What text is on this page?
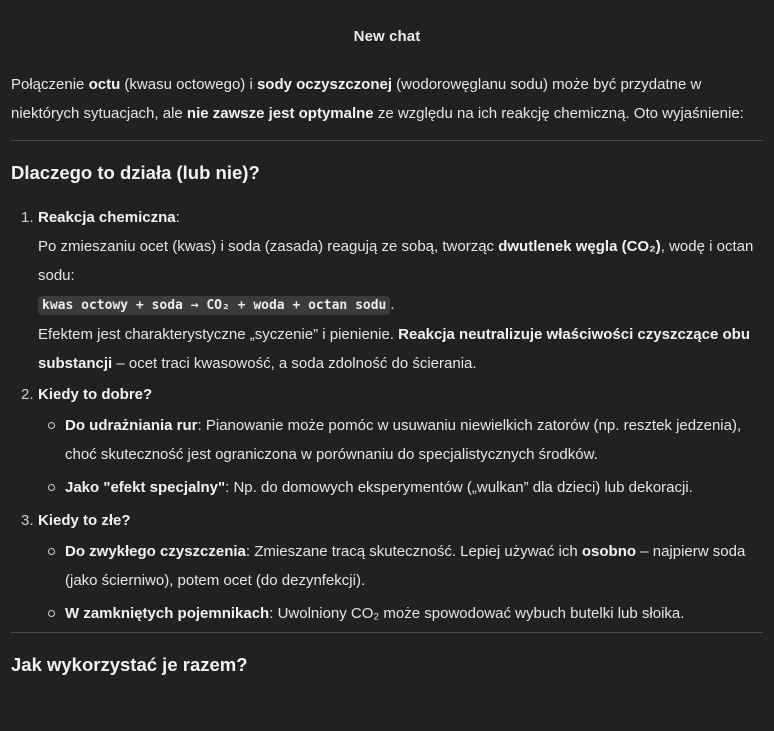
New chat

Połączenie octu (kwasu octowego) i sody oczyszczonej (wodorowęglanu sodu) może być przydatne w niektórych sytuacjach, ale nie zawsze jest optymalne ze względu na ich reakcję chemiczną. Oto wyjaśnienie:

Dlaczego to działa (lub nie)?
Reakcja chemiczna:
Po zmieszaniu ocet (kwas) i soda (zasada) reagują ze sobą, tworząc dwutlenek węgla (CO₂), wodę i octan sodu:
kwas octowy + soda → CO₂ + woda + octan sodu .
Efektem jest charakterystyczne „syczenie” i pienienie. Reakcja neutralizuje właściwości czyszczące obu substancji – ocet traci kwasowość, a soda zdolność do ścierania.
Kiedy to dobre?
Do udrażniania rur: Pianowanie może pomóc w usuwaniu niewielkich zatorów (np. resztek jedzenia), choć skuteczność jest ograniczona w porównaniu do specjalistycznych środków.
Jako "efekt specjalny": Np. do domowych eksperymentów („wulkan” dla dzieci) lub dekoracji.
Kiedy to złe?
Do zwykłego czyszczenia: Zmieszane tracą skuteczność. Lepiej używać ich osobno – najpierw soda (jako ścierniwo), potem ocet (do dezynfekcji).
W zamkniętych pojemnikach: Uwolniony CO₂ może spowodować wybuch butelki lub słoika.
Jak wykorzystać je razem?
